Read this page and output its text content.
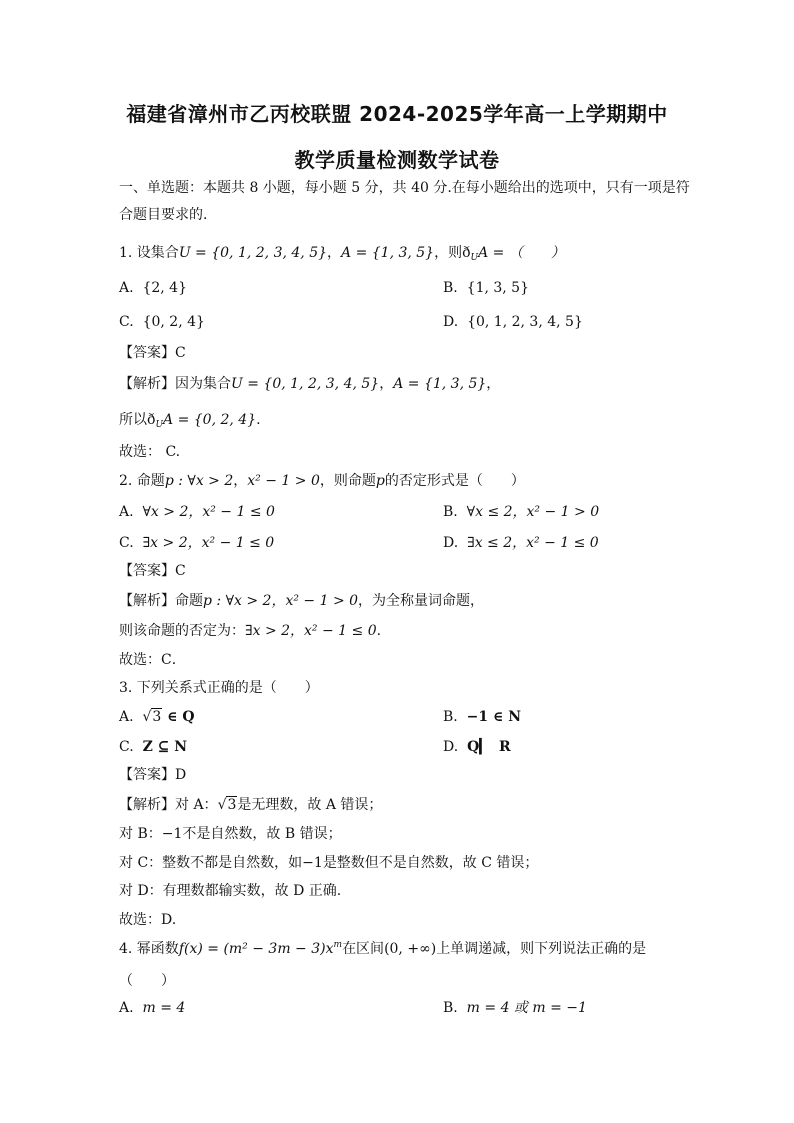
福建省漳州市乙丙校联盟 2024-2025学年高一上学期期中
教学质量检测数学试卷
一、单选题：本题共 8 小题，每小题 5 分，共 40 分.在每小题给出的选项中，只有一项是符
合题目要求的.
1. 设集合U = {0, 1, 2, 3, 4, 5}，A = {1, 3, 5}，则$ð_UA$ = （　　）
A. {2, 4}	B. {1, 3, 5}
C. {0, 2, 4}	D. {0, 1, 2, 3, 4, 5}
【答案】C
【解析】因为集合U = {0, 1, 2, 3, 4, 5}，A = {1, 3, 5}，
所以$ð_UA = \{0$, 2, 4}.
故选： C.
2. 命题p : ∀x > 2，x² − 1 > 0，则命题p的否定形式是（　　）
A. ∀x > 2，x² − 1 ≤ 0	B. ∀x ≤ 2，x² − 1 > 0
C. ∃x > 2，x² − 1 ≤ 0	D. ∃x ≤ 2，x² − 1 ≤ 0
【答案】C
【解析】命题p : ∀x > 2，x² − 1 > 0，为全称量词命题，
则该命题的否定为：∃x > 2，x² − 1 ≤ 0.
故选：C．
3. 下列关系式正确的是（　　）
A. √3 ∈ Q	B. −1 ∈ N
C. Z ⊆ N	D. Q▎ R
【答案】D
【解析】对 A：√3是无理数，故 A 错误；
对 B：−1不是自然数，故 B 错误；
对 C：整数不都是自然数，如−1是整数但不是自然数，故 C 错误；
对 D：有理数都输实数，故 D 正确.
故选：D.
4. 幂函数$f(x) = (m^2 - 3m - 3)x^m$在区间(0, +∞)上单调递减，则下列说法正确的是
（　　）
A. m = 4	B. m = 4 或 m = −1
